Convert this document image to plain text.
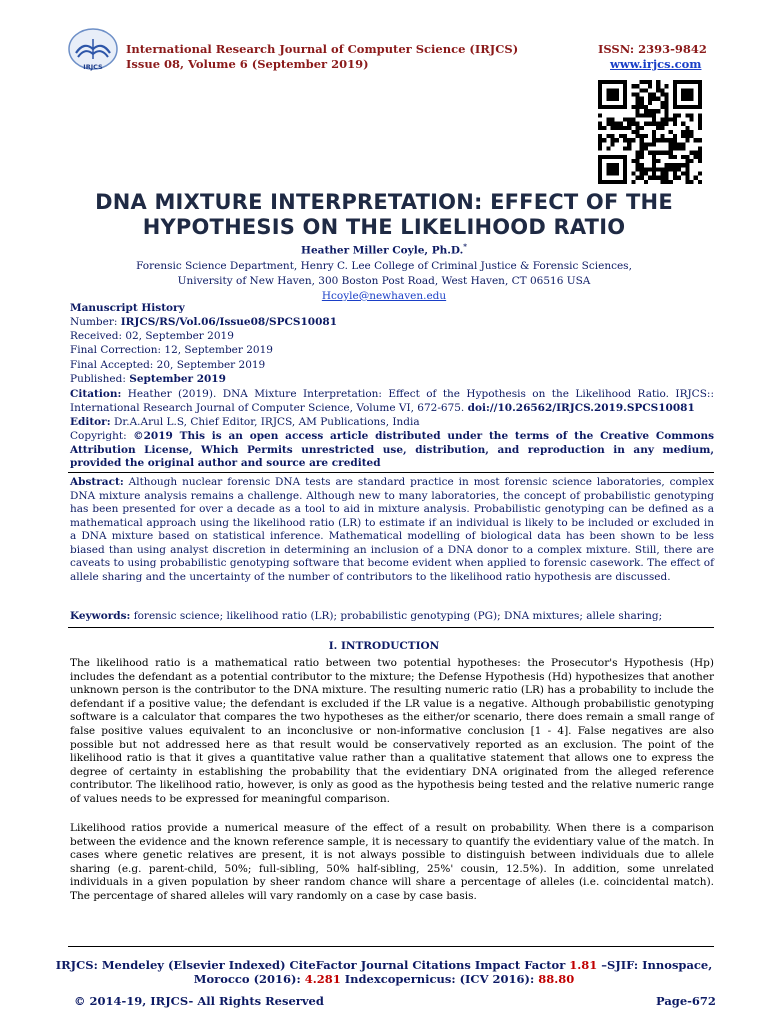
IRJCS
International Research Journal of Computer Science (IRJCS)
Issue 08, Volume 6 (September 2019)
ISSN: 2393-9842
www.irjcs.com
DNA MIXTURE INTERPRETATION: EFFECT OF THE
HYPOTHESIS ON THE LIKELIHOOD RATIO
Heather Miller Coyle, Ph.D.*
Forensic Science Department, Henry C. Lee College of Criminal Justice & Forensic Sciences,
University of New Haven, 300 Boston Post Road, West Haven, CT 06516 USA
Hcoyle@newhaven.edu
Manuscript History
Number: IRJCS/RS/Vol.06/Issue08/SPCS10081
Received: 02, September 2019
Final Correction: 12, September 2019
Final Accepted: 20, September 2019
Published: September 2019
Citation: Heather (2019). DNA Mixture Interpretation: Effect of the Hypothesis on the Likelihood Ratio. IRJCS:: International Research Journal of Computer Science, Volume VI, 672-675. doi://10.26562/IRJCS.2019.SPCS10081
Editor: Dr.A.Arul L.S, Chief Editor, IRJCS, AM Publications, India
Copyright: ©2019 This is an open access article distributed under the terms of the Creative Commons Attribution License, Which Permits unrestricted use, distribution, and reproduction in any medium, provided the original author and source are credited
Abstract: Although nuclear forensic DNA tests are standard practice in most forensic science laboratories, complex DNA mixture analysis remains a challenge. Although new to many laboratories, the concept of probabilistic genotyping has been presented for over a decade as a tool to aid in mixture analysis. Probabilistic genotyping can be defined as a mathematical approach using the likelihood ratio (LR) to estimate if an individual is likely to be included or excluded in a DNA mixture based on statistical inference. Mathematical modelling of biological data has been shown to be less biased than using analyst discretion in determining an inclusion of a DNA donor to a complex mixture. Still, there are caveats to using probabilistic genotyping software that become evident when applied to forensic casework. The effect of allele sharing and the uncertainty of the number of contributors to the likelihood ratio hypothesis are discussed.
Keywords: forensic science; likelihood ratio (LR); probabilistic genotyping (PG); DNA mixtures; allele sharing;
I. INTRODUCTION
The likelihood ratio is a mathematical ratio between two potential hypotheses: the Prosecutor's Hypothesis (Hp) includes the defendant as a potential contributor to the mixture; the Defense Hypothesis (Hd) hypothesizes that another unknown person is the contributor to the DNA mixture. The resulting numeric ratio (LR) has a probability to include the defendant if a positive value; the defendant is excluded if the LR value is a negative. Although probabilistic genotyping software is a calculator that compares the two hypotheses as the either/or scenario, there does remain a small range of false positive values equivalent to an inconclusive or non-informative conclusion [1 - 4]. False negatives are also possible but not addressed here as that result would be conservatively reported as an exclusion. The point of the likelihood ratio is that it gives a quantitative value rather than a qualitative statement that allows one to express the degree of certainty in establishing the probability that the evidentiary DNA originated from the alleged reference contributor. The likelihood ratio, however, is only as good as the hypothesis being tested and the relative numeric range of values needs to be expressed for meaningful comparison.
Likelihood ratios provide a numerical measure of the effect of a result on probability. When there is a comparison between the evidence and the known reference sample, it is necessary to quantify the evidentiary value of the match. In cases where genetic relatives are present, it is not always possible to distinguish between individuals due to allele sharing (e.g. parent-child, 50%; full-sibling, 50% half-sibling, 25%' cousin, 12.5%). In addition, some unrelated individuals in a given population by sheer random chance will share a percentage of alleles (i.e. coincidental match). The percentage of shared alleles will vary randomly on a case by case basis.
IRJCS: Mendeley (Elsevier Indexed) CiteFactor Journal Citations Impact Factor 1.81 –SJIF: Innospace,
Morocco (2016): 4.281 Indexcopernicus: (ICV 2016): 88.80
© 2014-19, IRJCS- All Rights Reserved	Page-672
